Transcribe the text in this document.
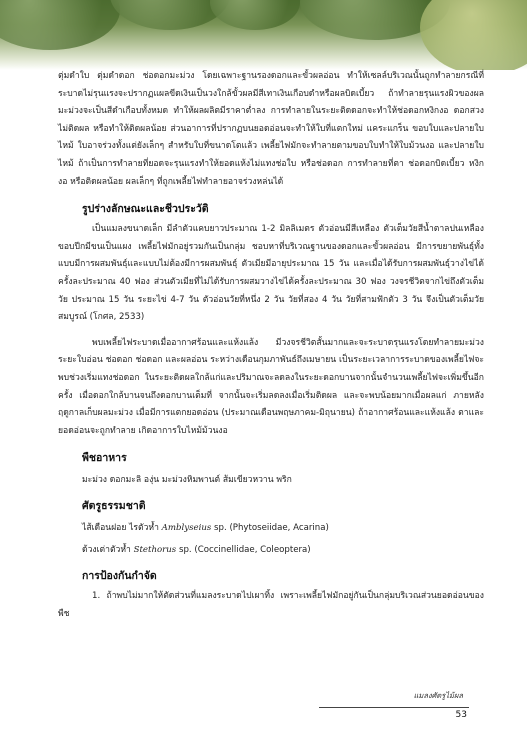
ตุ่มดำใบ ตุ่มดำดอก ช่อดอกมะม่วง โดยเฉพาะฐานรองดอกและขั้วผลอ่อน ทำให้เซลล์บริเวณนั้นถูกทำลายกรณีที่ระบาดไม่รุนแรงจะปรากฏแผลขีดเงินเป็นวงใกล้ขั้วผลมีสีเทาเงินเกือบดำหรือผลบิดเบี้ยว ถ้าทำลายรุนแรงผิวของผลมะม่วงจะเป็นสีดำเกือบทั้งหมด ทำให้ผลผลิตมีราคาต่ำลง การทำลายในระยะติดดอกจะทำให้ช่อดอกหงิกงอ ดอกสวงไม่ติดผล หรือทำให้ติดผลน้อย ส่วนอาการที่ปรากฏบนยอดอ่อนจะทำให้ใบที่แตกใหม่ แคระแกร็น ขอบใบและปลายใบไหม้ ใบอาจร่วงทั้งแต่ยังเล็กๆ สำหรับใบที่ขนาดโตแล้ว เพลี้ยไฟมักจะทำลายตามขอบใบทำให้ใบม้วนงอ และปลายใบไหม้ ถ้าเป็นการทำลายที่ยอดจะรุนแรงทำให้ยอดแห้งไม่แทงช่อใบ หรือช่อดอก การทำลายที่ตา ช่อดอกบิดเบี้ยว หงิกงอ หรือติดผลน้อย ผลเล็กๆ ที่ถูกเพลี้ยไฟทำลายอาจร่วงหล่นได้

รูปร่างลักษณะและชีวประวัติ

เป็นแมลงขนาดเล็ก มีลำตัวแคบยาวประมาณ 1-2 มิลลิเมตร ตัวอ่อนมีสีเหลือง ตัวเต็มวัยสีน้ำตาลปนเหลือง ขอบปีกมีขนเป็นแผง เพลี้ยไฟมักอยู่รวมกันเป็นกลุ่ม ชอบหาที่บริเวณฐานของดอกและขั้วผลอ่อน มีการขยายพันธุ์ทั้งแบบมีการผสมพันธุ์และแบบไม่ต้องมีการผสมพันธุ์ ตัวเมียมีอายุประมาณ 15 วัน และเมื่อได้รับการผสมพันธุ์วางไข่ได้ครั้งละประมาณ 40 ฟอง ส่วนตัวเมียที่ไม่ได้รับการผสมวางไข่ได้ครั้งละประมาณ 30 ฟอง วงจรชีวิตจากไข่ถึงตัวเต็มวัย ประมาณ 15 วัน ระยะไข่ 4-7 วัน ตัวอ่อนวัยที่หนึ่ง 2 วัน วัยที่สอง 4 วัน วัยที่สามฟักตัว 3 วัน จึงเป็นตัวเต็มวัยสมบูรณ์ (โกศล, 2533)

พบเพลี้ยไฟระบาดเมื่ออากาศร้อนและแห้งแล้ง มีวงจรชีวิตสั้นมากและจะระบาดรุนแรงโดยทำลายมะม่วงระยะใบอ่อน ช่อดอก ช่อดอก และผลอ่อน ระหว่างเดือนกุมภาพันธ์ถึงเมษายน เป็นระยะเวลาการระบาดของเพลี้ยไฟจะพบช่วงเริ่มแทงช่อดอก ในระยะติดผลใกล้แก่และปริมาณจะลดลงในระยะดอกบานจากนั้นจำนวนเพลี้ยไฟจะเพิ่มขึ้นอีกครั้ง เมื่อดอกใกล้บานจนถึงดอกบานเต็มที่ จากนั้นจะเริ่มลดลงเมื่อเริ่มติดผล และจะพบน้อยมากเมื่อผลแก่ ภายหลังฤดูกาลเก็บผลมะม่วง เมื่อมีการแตกยอดอ่อน (ประมาณเดือนพฤษภาคม-มิถุนายน) ถ้าอากาศร้อนและแห้งแล้ง ตาและยอดอ่อนจะถูกทำลาย เกิดอาการใบไหม้ม้วนงอ

พืชอาหาร
มะม่วง ดอกมะลิ องุ่น มะม่วงหิมพานต์ ส้มเขียวหวาน พริก
ศัตรูธรรมชาติ
ไส้เดือนฝอย ไรตัวห้ำ Amblyseius sp. (Phytoseiidae, Acarina)
ด้วงเต่าตัวห้ำ Stethorus sp. (Coccinellidae, Coleoptera)
การป้องกันกำจัด

1. ถ้าพบไม่มากให้ตัดส่วนที่แมลงระบาดไปเผาทิ้ง เพราะเพลี้ยไฟมักอยู่กันเป็นกลุ่มบริเวณส่วนยอดอ่อนของพืช

แมลงศัตรูไม้ผล
53
